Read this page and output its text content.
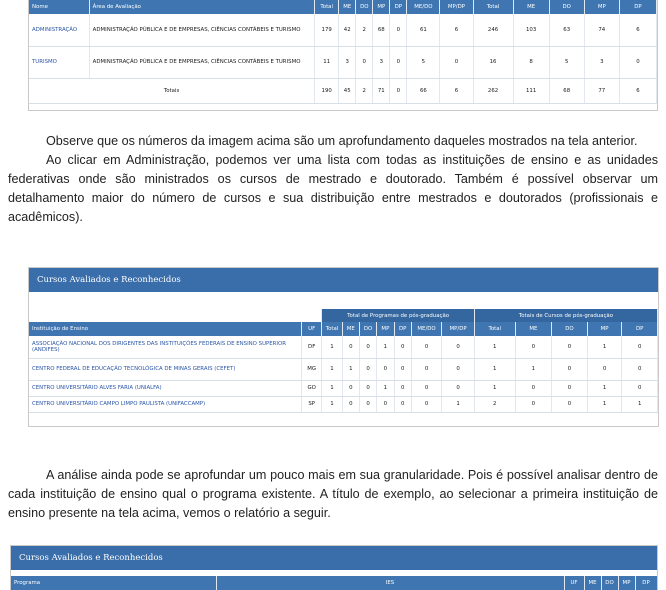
Nome	Área de Avaliação	Total	ME	DO	MP	DP	ME/DO	MP/DP	Total	ME	DO	MP	DP
ADMINISTRAÇÃO	ADMINISTRAÇÃO PÚBLICA E DE EMPRESAS, CIÊNCIAS CONTÁBEIS E TURISMO	179	42	2	68	0	61	6	246	103	63	74	6
TURISMO	ADMINISTRAÇÃO PÚBLICA E DE EMPRESAS, CIÊNCIAS CONTÁBEIS E TURISMO	11	3	0	3	0	5	0	16	8	5	3	0
Totais		190	45	2	71	0	66	6	262	111	68	77	6

Observe que os números da imagem acima são um aprofundamento daqueles mostrados na tela anterior.

Ao clicar em Administração, podemos ver uma lista com todas as instituições de ensino e as unidades federativas onde são ministrados os cursos de mestrado e doutorado. Também é possível observar um detalhamento maior do número de cursos e sua distribuição entre mestrados e doutorados (profissionais e acadêmicos).

Cursos Avaliados e Reconhecidos
		Total de Programas de pós-graduação							Totais de Cursos de pós-graduação				
Instituição de Ensino	UF	Total	ME	DO	MP	DP	ME/DO	MP/DP	Total	ME	DO	MP	DP
ASSOCIAÇÃO NACIONAL DOS DIRIGENTES DAS INSTITUIÇÕES FEDERAIS DE ENSINO SUPERIOR (ANDIFES)	DF	1	0	0	1	0	0	0	1	0	0	1	0
CENTRO FEDERAL DE EDUCAÇÃO TECNOLÓGICA DE MINAS GERAIS (CEFET)	MG	1	1	0	0	0	0	0	1	1	0	0	0
CENTRO UNIVERSITÁRIO ALVES FARIA (UNIALFA)	GO	1	0	0	1	0	0	0	1	0	0	1	0
CENTRO UNIVERSITÁRIO CAMPO LIMPO PAULISTA (UNIFACCAMP)	SP	1	0	0	0	0	0	1	2	0	0	1	1

A análise ainda pode se aprofundar um pouco mais em sua granularidade. Pois é possível analisar dentro de cada instituição de ensino qual o programa existente. A título de exemplo, ao selecionar a primeira instituição de ensino presente na tela acima, vemos o relatório a seguir.

Cursos Avaliados e Reconhecidos
Programa	IES	UF	ME	DO	MP	DP
